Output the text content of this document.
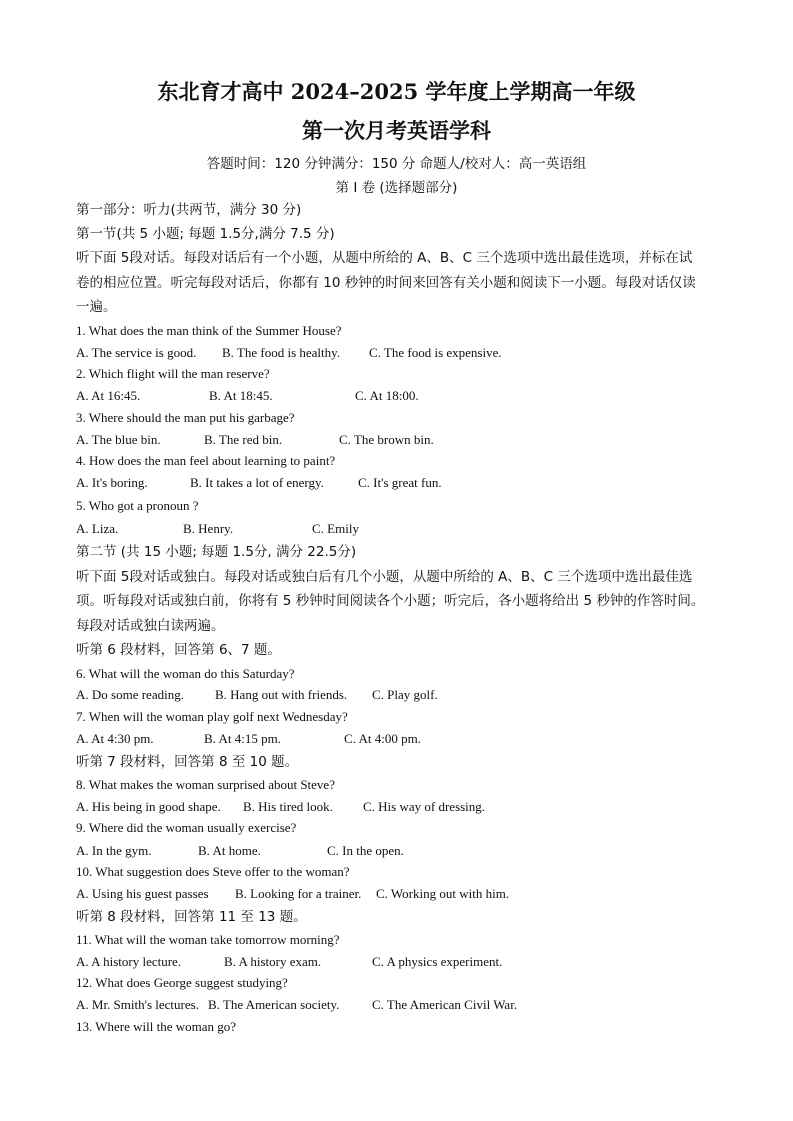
东北育才高中 2024–2025 学年度上学期高一年级
第一次月考英语学科
答题时间：120 分钟满分：150 分 命题人/校对人：高一英语组
第 I 卷 (选择题部分)
第一部分：听力(共两节，满分 30 分)
第一节(共 5 小题; 每题 1.5分,满分 7.5 分)
听下面 5段对话。每段对话后有一个小题，从题中所给的 A、B、C 三个选项中选出最佳选项，并标在试
卷的相应位置。听完每段对话后，你都有 10 秒钟的时间来回答有关小题和阅读下一小题。每段对话仅读
一遍。
1. What does the man think of the Summer House?
A. The service is good. B. The food is healthy. C. The food is expensive.
2. Which flight will the man reserve?
A. At 16:45.	B. At 18:45.	C. At 18:00.
3. Where should the man put his garbage?
A. The blue bin.	B. The red bin.	C. The brown bin.
4. How does the man feel about learning to paint?
A. It's boring.	B. It takes a lot of energy.	C. It's great fun.
5. Who got a pronoun ?
A. Liza.	B. Henry.	C. Emily
第二节 (共 15 小题; 每题 1.5分, 满分 22.5分)
听下面 5段对话或独白。每段对话或独白后有几个小题，从题中所给的 A、B、C 三个选项中选出最佳选
项。听每段对话或独白前，你将有 5 秒钟时间阅读各个小题；听完后，各小题将给出 5 秒钟的作答时间。
每段对话或独白读两遍。
听第 6 段材料，回答第 6、7 题。
6. What will the woman do this Saturday?
A. Do some reading. B. Hang out with friends. C. Play golf.
7. When will the woman play golf next Wednesday?
A. At 4:30 pm.	B. At 4:15 pm.	C. At 4:00 pm.
听第 7 段材料，回答第 8 至 10 题。
8. What makes the woman surprised about Steve?
A. His being in good shape. B. His tired look. C. His way of dressing.
9. Where did the woman usually exercise?
A. In the gym.	B. At home.	C. In the open.
10. What suggestion does Steve offer to the woman?
A. Using his guest passes B. Looking for a trainer. C. Working out with him.
听第 8 段材料，回答第 11 至 13 题。
11. What will the woman take tomorrow morning?
A. A history lecture.	B. A history exam.	C. A physics experiment.
12. What does George suggest studying?
A. Mr. Smith's lectures. B. The American society.	C. The American Civil War.
13. Where will the woman go?
